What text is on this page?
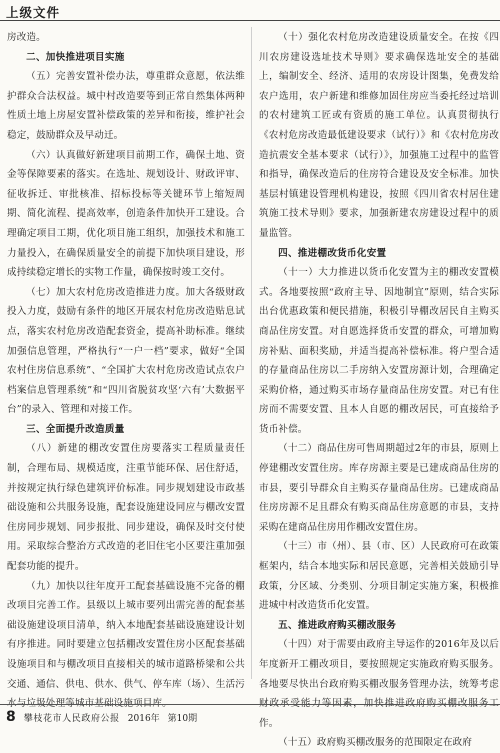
上级文件

房改造。

二、加快推进项目实施

（五）完善安置补偿办法，尊重群众意愿，依法维护群众合法权益。城中村改造要等到正常自然集体两种性质土地上房屋安置补偿政策的差异和衔接，维护社会稳定，鼓励群众及早动迁。

（六）认真做好新建项目前期工作，确保土地、资金等保障要素的落实。在选址、规划设计、财政评审、征收拆迁、审批核准、招标投标等关键环节上缩短周期、简化流程、提高效率，创造条件加快开工建设。合理确定项目工期，优化项目施工组织，加强技术和施工力量投入，在确保质量安全的前提下加快项目建设，形成持续稳定增长的实物工作量，确保按时竣工交付。

（七）加大农村危房改造推进力度。加大各级财政投入力度，鼓励有条件的地区开展农村危房改造贴息试点，落实农村危房改造配套资金，提高补助标准。继续加强信息管理，严格执行“一户一档”要求，做好“全国农村住房信息系统”、“全国扩大农村危房改造试点农户档案信息管理系统”和“四川省脱贫攻坚‘六有’大数据平台”的录入、管理和对接工作。

三、全面提升改造质量

（八）新建的棚改安置住房要落实工程质量责任制，合理布局、规模适度，注重节能环保、居住舒适，并按规定执行绿色建筑评价标准。同步规划建设市政基础设施和公共服务设施，配套设施建设同应与棚改安置住房同步规划、同步报批、同步建设，确保及时交付使用。采取综合整治方式改造的老旧住宅小区要注重加强配套功能的提升。

（九）加快以往年度开工配套基础设施不完备的棚改项目完善工作。县级以上城市要列出需完善的配套基础设施建设项目清单，纳入本地配套基础设施建设计划有序推进。同时要建立包括棚改安置住房小区配套基础设施项目和与棚改项目直接相关的城市道路桥梁和公共交通、通信、供电、供水、供气、停车库（场）、生活污水与垃圾处理等城市基础设施项目库。

（十）强化农村危房改造建设质量安全。在按《四川农房建设选址技术导则》要求确保选址安全的基础上，编制安全、经济、适用的农房设计图集，免费发给农户选用，农户新建和维修加固住房应当委托经过培训的农村建筑工匠或有资质的施工单位。认真贯彻执行《农村危房改造最低建设要求（试行）》和《农村危房改造抗震安全基本要求（试行）》，加强施工过程中的监管和指导，确保改造后的住房符合建设及安全标准。加快基层村镇建设管理机构建设，按照《四川省农村居住建筑施工技术导则》要求，加强新建农房建设过程中的质量监管。

四、推进棚改货币化安置

（十一）大力推进以货币化安置为主的棚改安置模式。各地要按照“政府主导、因地制宜”原则，结合实际出台优惠政策和便民措施，积极引导棚改居民自主购买商品住房安置。对自愿选择货币安置的群众，可增加购房补贴、面积奖励，并适当提高补偿标准。将户型合适的存量商品住房以二手房纳入安置房源计划，合理确定采购价格，通过购买市场存量商品住房安置。对已有住房而不需要安置、且本人自愿的棚改居民，可直接给予货币补偿。

（十二）商品住房可售周期超过2年的市县，原则上停建棚改安置住房。库存房源主要是已建成商品住房的市县，要引导群众自主购买存量商品住房。已建成商品住房房源不足且群众有购买商品住房意愿的市县，支持采购在建商品住房用作棚改安置住房。

（十三）市（州）、县（市、区）人民政府可在政策框架内，结合本地实际和居民意愿，完善相关鼓励引导政策，分区域、分类别、分项目制定实施方案，积极推进城中村改造货币化安置。

五、推进政府购买棚改服务

（十四）对于需要由政府主导运作的2016年及以后年度新开工棚改项目，要按照规定实施政府购买服务。各地要尽快出台政府购买棚改服务管理办法，统筹考虑财政承受能力等因素，加快推进政府购买棚改服务工作。

（十五）政府购买棚改服务的范围限定在政府

8 攀枝花市人民政府公报 2016年 第10期
